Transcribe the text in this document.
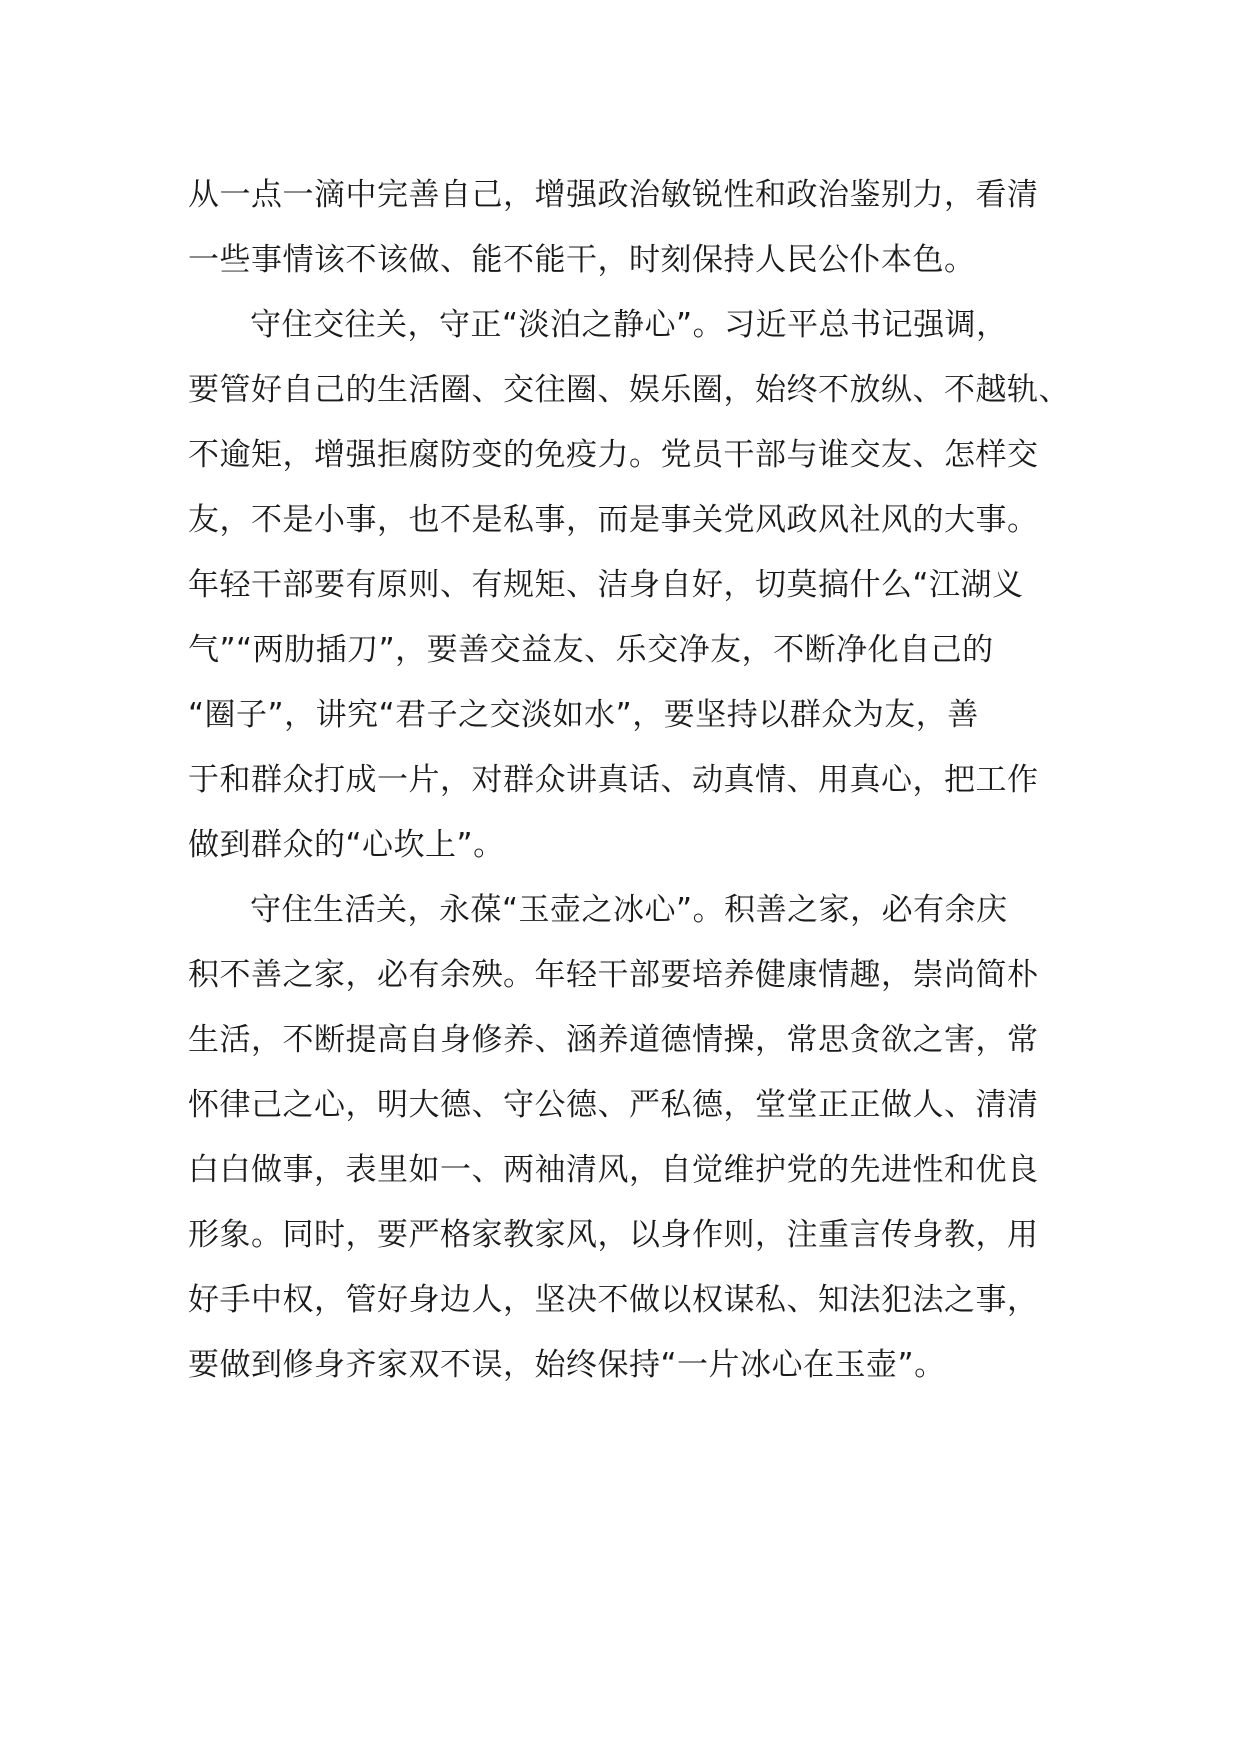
从一点一滴中完善自己，增强政治敏锐性和政治鉴别力，看清
一些事情该不该做、能不能干，时刻保持人民公仆本色。
守住交往关，守正“淡泊之静心”。习近平总书记强调，
要管好自己的生活圈、交往圈、娱乐圈，始终不放纵、不越轨、
不逾矩，增强拒腐防变的免疫力。党员干部与谁交友、怎样交
友，不是小事，也不是私事，而是事关党风政风社风的大事。
年轻干部要有原则、有规矩、洁身自好，切莫搞什么“江湖义
气”“两肋插刀”，要善交益友、乐交净友，不断净化自己的
“圈子”，讲究“君子之交淡如水”，要坚持以群众为友，善
于和群众打成一片，对群众讲真话、动真情、用真心，把工作
做到群众的“心坎上”。
守住生活关，永葆“玉壶之冰心”。积善之家，必有余庆
积不善之家，必有余殃。年轻干部要培养健康情趣，崇尚简朴
生活，不断提高自身修养、涵养道德情操，常思贪欲之害，常
怀律己之心，明大德、守公德、严私德，堂堂正正做人、清清
白白做事，表里如一、两袖清风，自觉维护党的先进性和优良
形象。同时，要严格家教家风，以身作则，注重言传身教，用
好手中权，管好身边人，坚决不做以权谋私、知法犯法之事，
要做到修身齐家双不误，始终保持“一片冰心在玉壶”。
